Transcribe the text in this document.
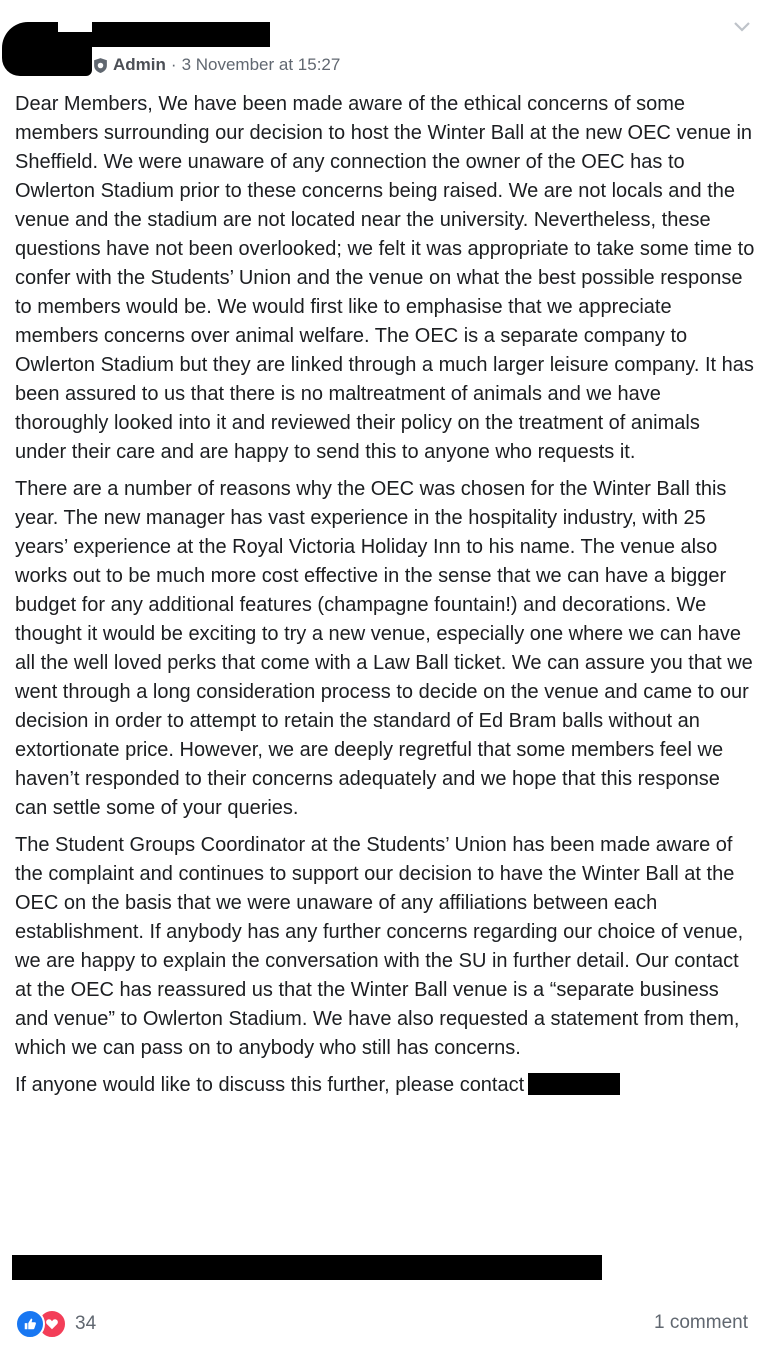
Admin · 3 November at 15:27

Dear Members, We have been made aware of the ethical concerns of some members surrounding our decision to host the Winter Ball at the new OEC venue in Sheffield. We were unaware of any connection the owner of the OEC has to Owlerton Stadium prior to these concerns being raised. We are not locals and the venue and the stadium are not located near the university. Nevertheless, these questions have not been overlooked; we felt it was appropriate to take some time to confer with the Students’ Union and the venue on what the best possible response to members would be. We would first like to emphasise that we appreciate members concerns over animal welfare. The OEC is a separate company to Owlerton Stadium but they are linked through a much larger leisure company. It has been assured to us that there is no maltreatment of animals and we have thoroughly looked into it and reviewed their policy on the treatment of animals under their care and are happy to send this to anyone who requests it.

There are a number of reasons why the OEC was chosen for the Winter Ball this year. The new manager has vast experience in the hospitality industry, with 25 years’ experience at the Royal Victoria Holiday Inn to his name. The venue also works out to be much more cost effective in the sense that we can have a bigger budget for any additional features (champagne fountain!) and decorations. We thought it would be exciting to try a new venue, especially one where we can have all the well loved perks that come with a Law Ball ticket. We can assure you that we went through a long consideration process to decide on the venue and came to our decision in order to attempt to retain the standard of Ed Bram balls without an extortionate price. However, we are deeply regretful that some members feel we haven’t responded to their concerns adequately and we hope that this response can settle some of your queries.

The Student Groups Coordinator at the Students’ Union has been made aware of the complaint and continues to support our decision to have the Winter Ball at the OEC on the basis that we were unaware of any affiliations between each establishment. If anybody has any further concerns regarding our choice of venue, we are happy to explain the conversation with the SU in further detail. Our contact at the OEC has reassured us that the Winter Ball venue is a “separate business and venue” to Owlerton Stadium. We have also requested a statement from them, which we can pass on to anybody who still has concerns.

If anyone would like to discuss this further, please contact

34	1 comment
